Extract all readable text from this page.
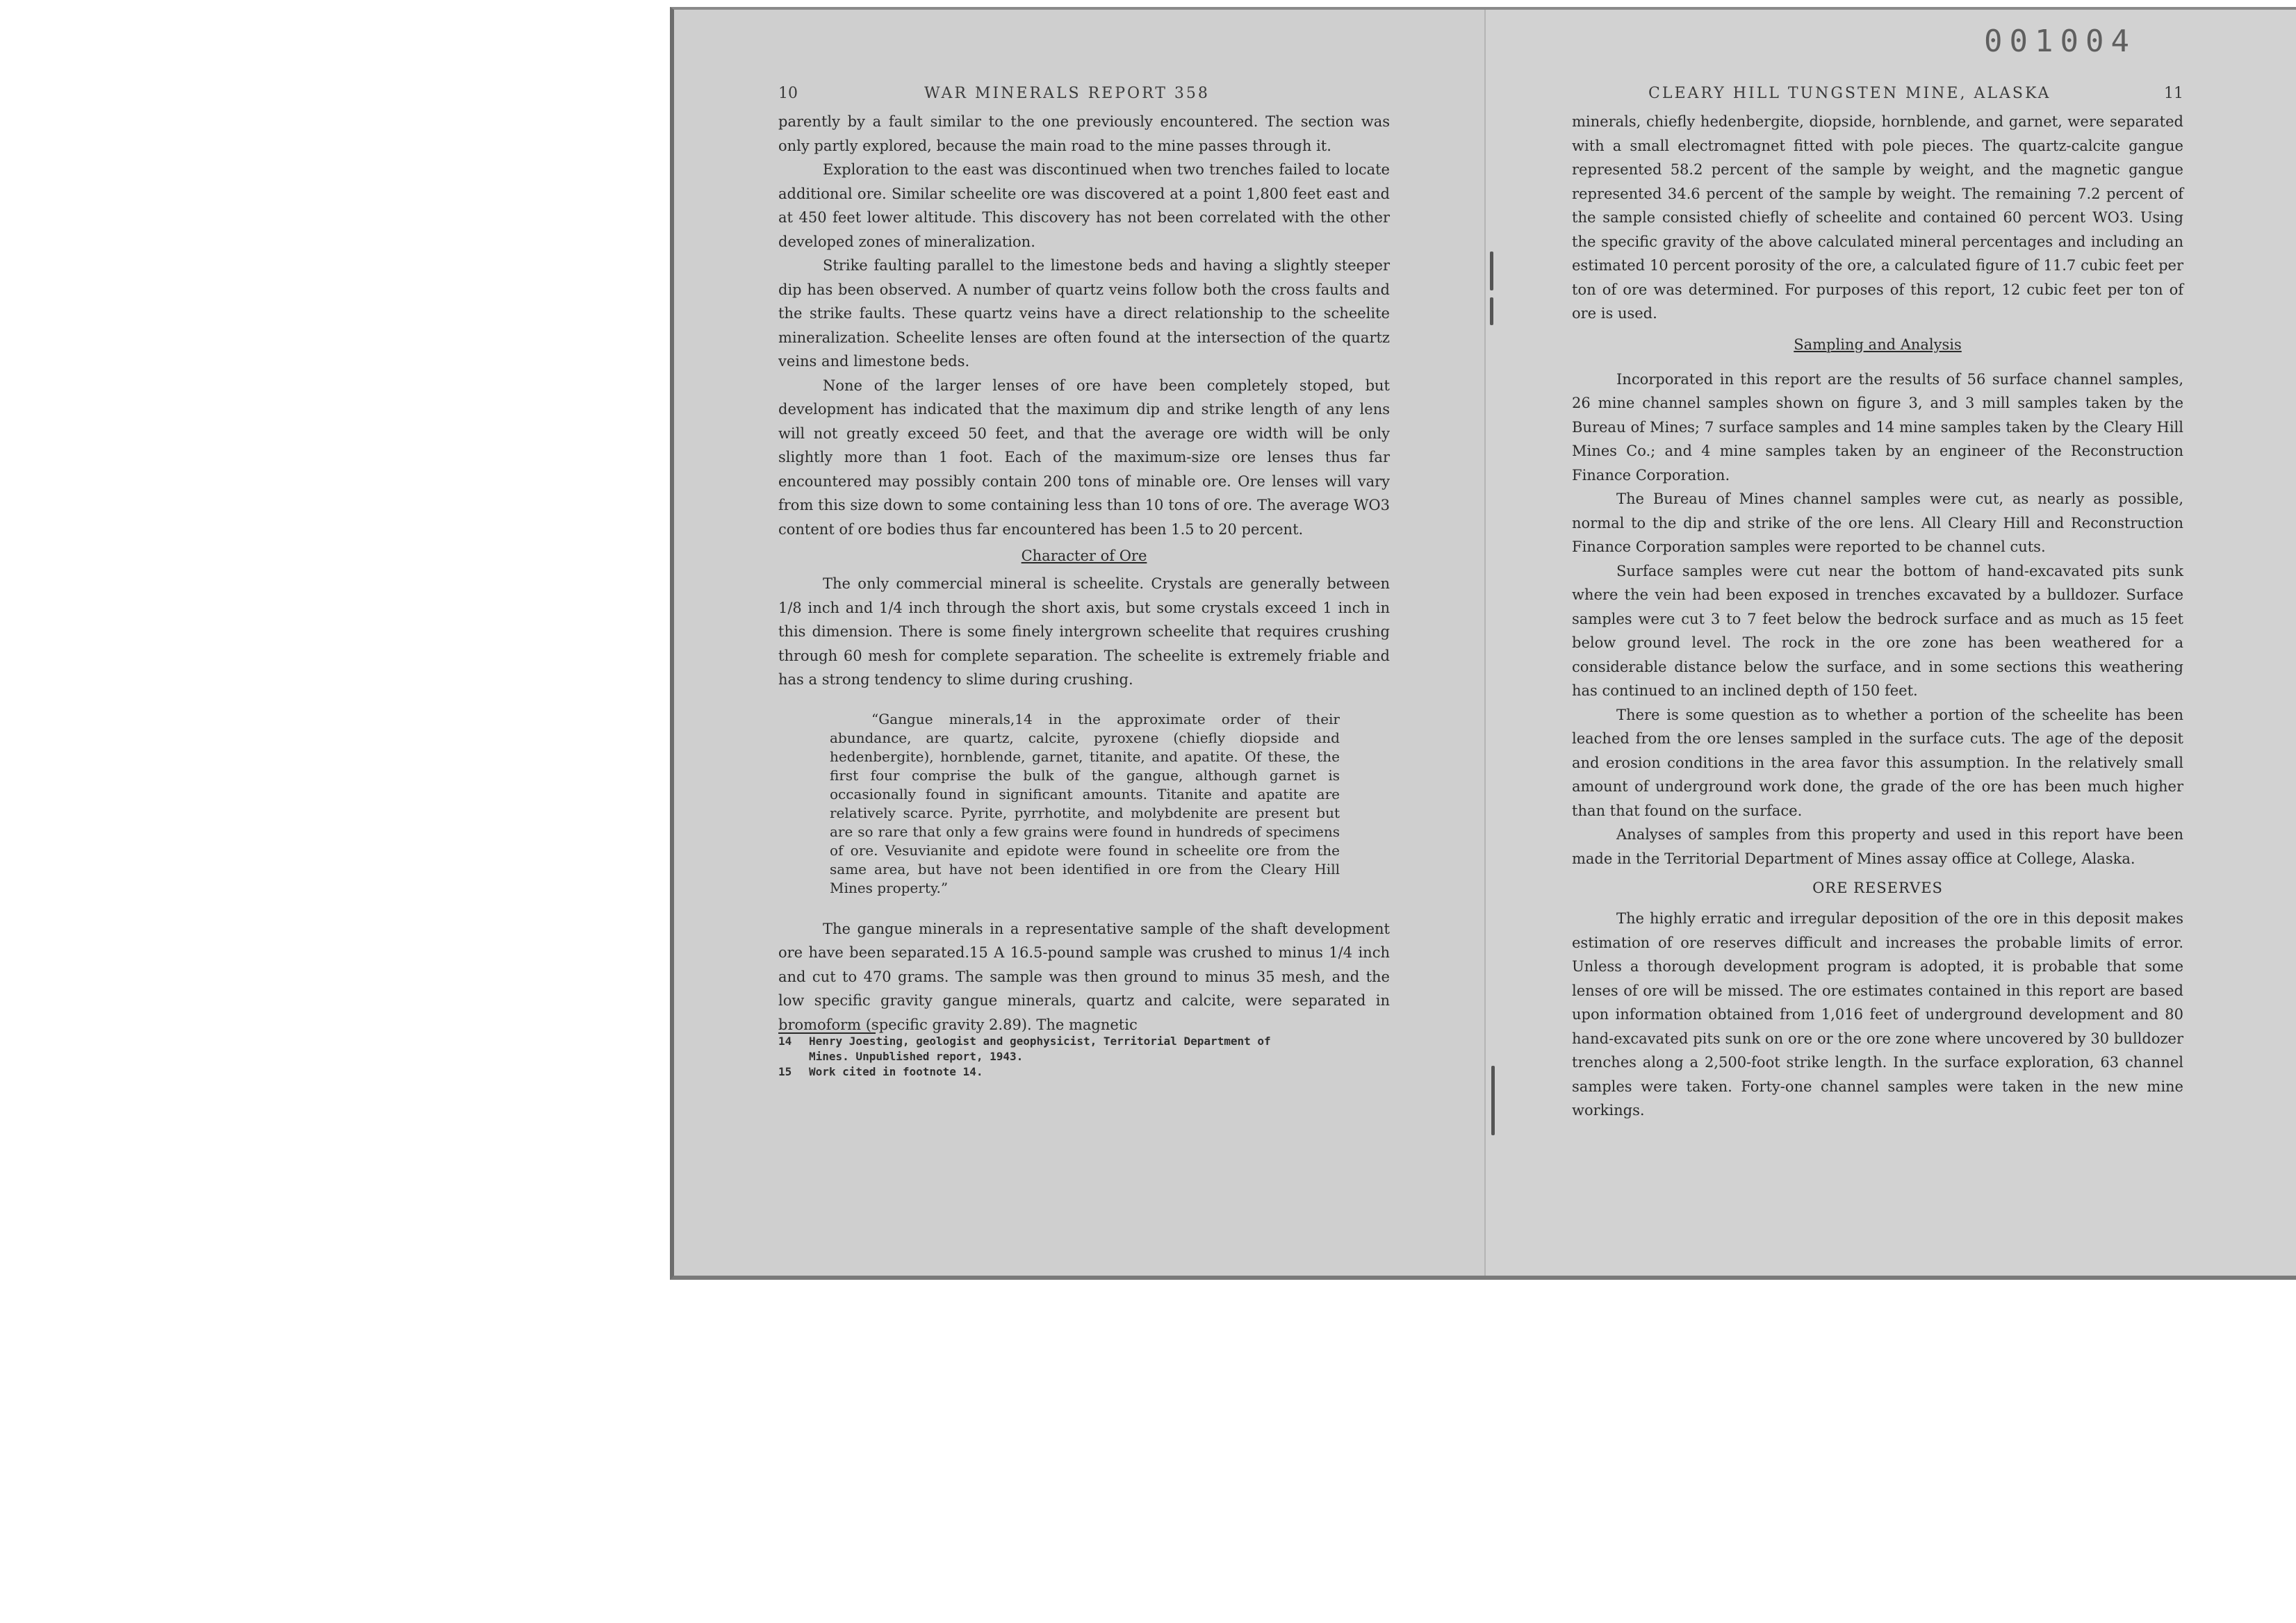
001004
10	WAR MINERALS REPORT 358

parently by a fault similar to the one previously encountered. The section was only partly explored, because the main road to the mine passes through it.

Exploration to the east was discontinued when two trenches failed to locate additional ore. Similar scheelite ore was discovered at a point 1,800 feet east and at 450 feet lower altitude. This discovery has not been correlated with the other developed zones of mineralization.

Strike faulting parallel to the limestone beds and having a slightly steeper dip has been observed. A number of quartz veins follow both the cross faults and the strike faults. These quartz veins have a direct relationship to the scheelite mineralization. Scheelite lenses are often found at the intersection of the quartz veins and limestone beds.

None of the larger lenses of ore have been completely stoped, but development has indicated that the maximum dip and strike length of any lens will not greatly exceed 50 feet, and that the average ore width will be only slightly more than 1 foot. Each of the maximum-size ore lenses thus far encountered may possibly contain 200 tons of minable ore. Ore lenses will vary from this size down to some containing less than 10 tons of ore. The average WO3 content of ore bodies thus far encountered has been 1.5 to 20 percent.

Character of Ore

The only commercial mineral is scheelite. Crystals are generally between 1/8 inch and 1/4 inch through the short axis, but some crystals exceed 1 inch in this dimension. There is some finely intergrown scheelite that requires crushing through 60 mesh for complete separation. The scheelite is extremely friable and has a strong tendency to slime during crushing.

“Gangue minerals,14 in the approximate order of their abundance, are quartz, calcite, pyroxene (chiefly diopside and hedenbergite), hornblende, garnet, titanite, and apatite. Of these, the first four comprise the bulk of the gangue, although garnet is occasionally found in significant amounts. Titanite and apatite are relatively scarce. Pyrite, pyrrhotite, and molybdenite are present but are so rare that only a few grains were found in hundreds of specimens of ore. Vesuvianite and epidote were found in scheelite ore from the same area, but have not been identified in ore from the Cleary Hill Mines property.”

The gangue minerals in a representative sample of the shaft development ore have been separated.15 A 16.5-pound sample was crushed to minus 1/4 inch and cut to 470 grams. The sample was then ground to minus 35 mesh, and the low specific gravity gangue minerals, quartz and calcite, were separated in bromoform (specific gravity 2.89). The magnetic

14 Henry Joesting, geologist and geophysicist, Territorial Department of
Mines. Unpublished report, 1943.
15 Work cited in footnote 14.
CLEARY HILL TUNGSTEN MINE, ALASKA	11

minerals, chiefly hedenbergite, diopside, hornblende, and garnet, were separated with a small electromagnet fitted with pole pieces. The quartz-calcite gangue represented 58.2 percent of the sample by weight, and the magnetic gangue represented 34.6 percent of the sample by weight. The remaining 7.2 percent of the sample consisted chiefly of scheelite and contained 60 percent WO3. Using the specific gravity of the above calculated mineral percentages and including an estimated 10 percent porosity of the ore, a calculated figure of 11.7 cubic feet per ton of ore was determined. For purposes of this report, 12 cubic feet per ton of ore is used.

Sampling and Analysis

Incorporated in this report are the results of 56 surface channel samples, 26 mine channel samples shown on figure 3, and 3 mill samples taken by the Bureau of Mines; 7 surface samples and 14 mine samples taken by the Cleary Hill Mines Co.; and 4 mine samples taken by an engineer of the Reconstruction Finance Corporation.

The Bureau of Mines channel samples were cut, as nearly as possible, normal to the dip and strike of the ore lens. All Cleary Hill and Reconstruction Finance Corporation samples were reported to be channel cuts.

Surface samples were cut near the bottom of hand-excavated pits sunk where the vein had been exposed in trenches excavated by a bulldozer. Surface samples were cut 3 to 7 feet below the bedrock surface and as much as 15 feet below ground level. The rock in the ore zone has been weathered for a considerable distance below the surface, and in some sections this weathering has continued to an inclined depth of 150 feet.

There is some question as to whether a portion of the scheelite has been leached from the ore lenses sampled in the surface cuts. The age of the deposit and erosion conditions in the area favor this assumption. In the relatively small amount of underground work done, the grade of the ore has been much higher than that found on the surface.

Analyses of samples from this property and used in this report have been made in the Territorial Department of Mines assay office at College, Alaska.

ORE RESERVES

The highly erratic and irregular deposition of the ore in this deposit makes estimation of ore reserves difficult and increases the probable limits of error. Unless a thorough development program is adopted, it is probable that some lenses of ore will be missed. The ore estimates contained in this report are based upon information obtained from 1,016 feet of underground development and 80 hand-excavated pits sunk on ore or the ore zone where uncovered by 30 bulldozer trenches along a 2,500-foot strike length. In the surface exploration, 63 channel samples were taken. Forty-one channel samples were taken in the new mine workings.
